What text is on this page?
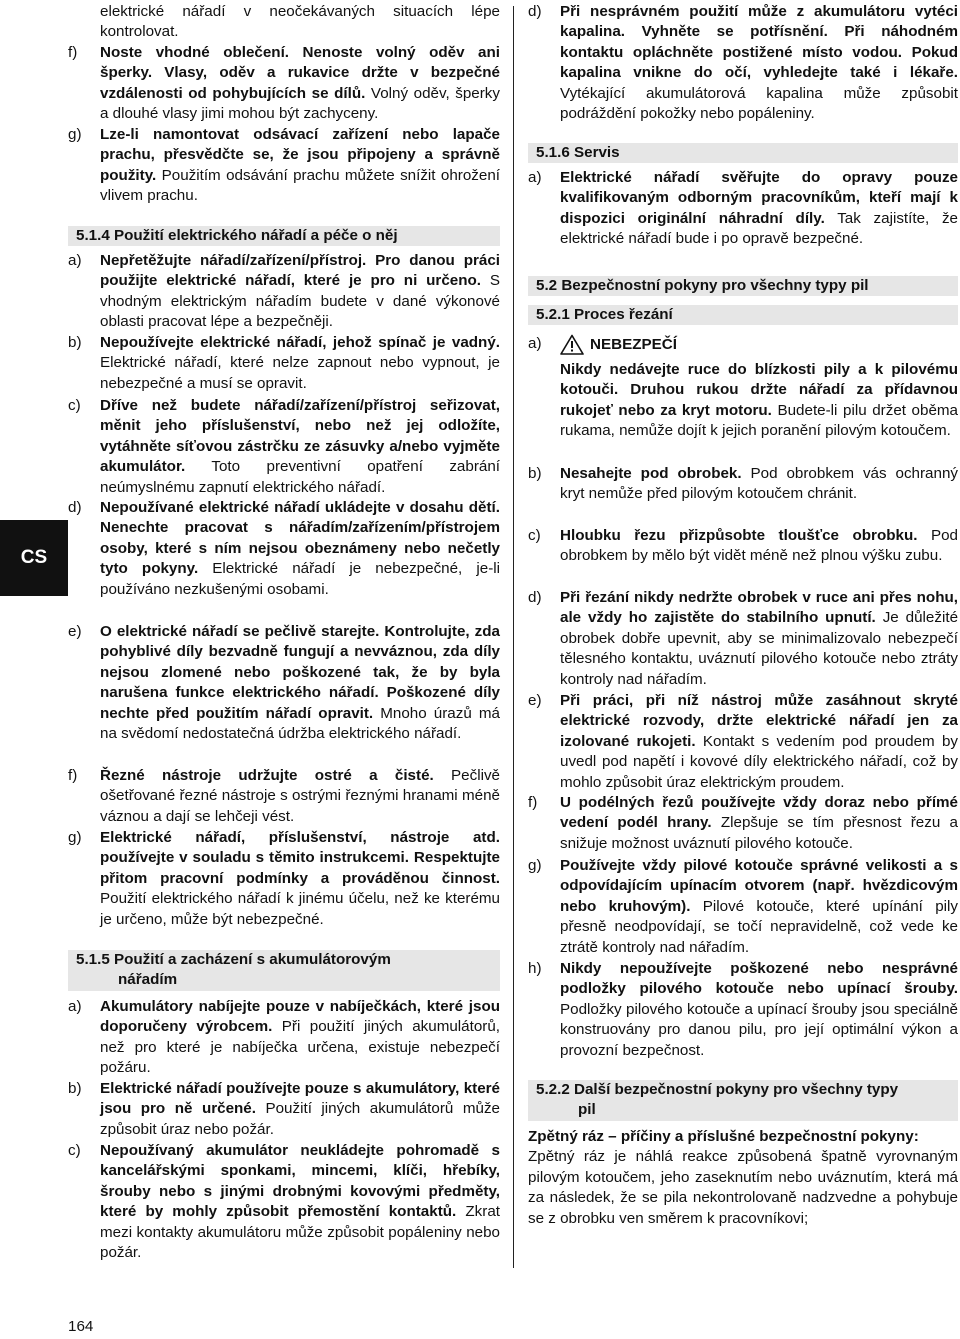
CS
elektrické nářadí v neočekávaných situacích lépe kontrolovat.
f) Noste vhodné oblečení. Nenoste volný oděv ani šperky. Vlasy, oděv a rukavice držte v bezpečné vzdálenosti od pohybujících se dílů. Volný oděv, šperky a dlouhé vlasy jimi mohou být zachyceny.
g) Lze-li namontovat odsávací zařízení nebo lapače prachu, přesvědčte se, že jsou připojeny a správně použity. Použitím odsávání prachu můžete snížit ohrožení vlivem prachu.
5.1.4 Použití elektrického nářadí a péče o něj
a) Nepřetěžujte nářadí/zařízení/přístroj. Pro danou práci použijte elektrické nářadí, které je pro ni určeno. S vhodným elektrickým nářadím budete v dané výkonové oblasti pracovat lépe a bezpečněji.
b) Nepoužívejte elektrické nářadí, jehož spínač je vadný. Elektrické nářadí, které nelze zapnout nebo vypnout, je nebezpečné a musí se opravit.
c) Dříve než budete nářadí/zařízení/přístroj seřizovat, měnit jeho příslušenství, nebo než jej odložíte, vytáhněte síťovou zástrčku ze zásuvky a/nebo vyjměte akumulátor. Toto preventivní opatření zabrání neúmyslnému zapnutí elektrického nářadí.
d) Nepoužívané elektrické nářadí ukládejte v dosahu dětí. Nenechte pracovat s nářadím/zařízením/přístrojem osoby, které s ním nejsou obeznámeny nebo nečetly tyto pokyny. Elektrické nářadí je nebezpečné, je-li používáno nezkušenými osobami.
e) O elektrické nářadí se pečlivě starejte. Kontrolujte, zda pohyblivé díly bezvadně fungují a nevváznou, zda díly nejsou zlomené nebo poškozené tak, že by byla narušena funkce elektrického nářadí. Poškozené díly nechte před použitím nářadí opravit. Mnoho úrazů má na svědomí nedostatečná údržba elektrického nářadí.
f) Řezné nástroje udržujte ostré a čisté. Pečlivě ošetřované řezné nástroje s ostrými řeznými hranami méně váznou a dají se lehčeji vést.
g) Elektrické nářadí, příslušenství, nástroje atd. používejte v souladu s těmito instrukcemi. Respektujte přitom pracovní podmínky a prováděnou činnost. Použití elektrického nářadí k jinému účelu, než ke kterému je určeno, může být nebezpečné.
5.1.5 Použití a zacházení s akumulátorovým
nářadím
a) Akumulátory nabíjejte pouze v nabíječkách, které jsou doporučeny výrobcem. Při použití jiných akumulátorů, než pro které je nabíječka určena, existuje nebezpečí požáru.
b) Elektrické nářadí používejte pouze s akumulátory, které jsou pro ně určené. Použití jiných akumulátorů může způsobit úraz nebo požár.
c) Nepoužívaný akumulátor neukládejte pohromadě s kancelářskými sponkami, mincemi, klíči, hřebíky, šrouby nebo s jinými drobnými kovovými předměty, které by mohly způsobit přemostění kontaktů. Zkrat mezi kontakty akumulátoru může způsobit popáleniny nebo požár.
d) Při nesprávném použití může z akumulátoru vytéci kapalina. Vyhněte se potřísnění. Při náhodném kontaktu opláchněte postižené místo vodou. Pokud kapalina vnikne do očí, vyhledejte také i lékaře. Vytékající akumulátorová kapalina může způsobit podráždění pokožky nebo popáleniny.
5.1.6 Servis
a) Elektrické nářadí svěřujte do opravy pouze kvalifikovaným odborným pracovníkům, kteří mají k dispozici originální náhradní díly. Tak zajistíte, že elektrické nářadí bude i po opravě bezpečné.
5.2 Bezpečnostní pokyny pro všechny typy pil
5.2.1 Proces řezání
a)	NEBEZPEČÍ
Nikdy nedávejte ruce do blízkosti pily a k pilovému kotouči. Druhou rukou držte nářadí za přídavnou rukojeť nebo za kryt motoru. Budete-li pilu držet oběma rukama, nemůže dojít k jejich poranění pilovým kotoučem.
b) Nesahejte pod obrobek. Pod obrobkem vás ochranný kryt nemůže před pilovým kotoučem chránit.
c) Hloubku řezu přizpůsobte tloušťce obrobku. Pod obrobkem by mělo být vidět méně než plnou výšku zubu.
d) Při řezání nikdy nedržte obrobek v ruce ani přes nohu, ale vždy ho zajistěte do stabilního upnutí. Je důležité obrobek dobře upevnit, aby se minimalizovalo nebezpečí tělesného kontaktu, uváznutí pilového kotouče nebo ztráty kontroly nad nářadím.
e) Při práci, při níž nástroj může zasáhnout skryté elektrické rozvody, držte elektrické nářadí jen za izolované rukojeti. Kontakt s vedením pod proudem by uvedl pod napětí i kovové díly elektrického nářadí, což by mohlo způsobit úraz elektrickým proudem.
f) U podélných řezů používejte vždy doraz nebo přímé vedení podél hrany. Zlepšuje se tím přesnost řezu a snižuje možnost uváznutí pilového kotouče.
g) Používejte vždy pilové kotouče správné velikosti a s odpovídajícím upínacím otvorem (např. hvězdicovým nebo kruhovým). Pilové kotouče, které upínání pily přesně neodpovídají, se točí nepravidelně, což vede ke ztrátě kontroly nad nářadím.
h) Nikdy nepoužívejte poškozené nebo nesprávné podložky pilového kotouče nebo upínací šrouby. Podložky pilového kotouče a upínací šrouby jsou speciálně konstruovány pro danou pilu, pro její optimální výkon a provozní bezpečnost.
5.2.2 Další bezpečnostní pokyny pro všechny typy
pil
Zpětný ráz – příčiny a příslušné bezpečnostní pokyny:
Zpětný ráz je náhlá reakce způsobená špatně vyrovnaným pilovým kotoučem, jeho zaseknutím nebo uváznutím, která má za následek, že se pila nekontrolovaně nadzvedne a pohybuje se z obrobku ven směrem k pracovníkovi;
164
